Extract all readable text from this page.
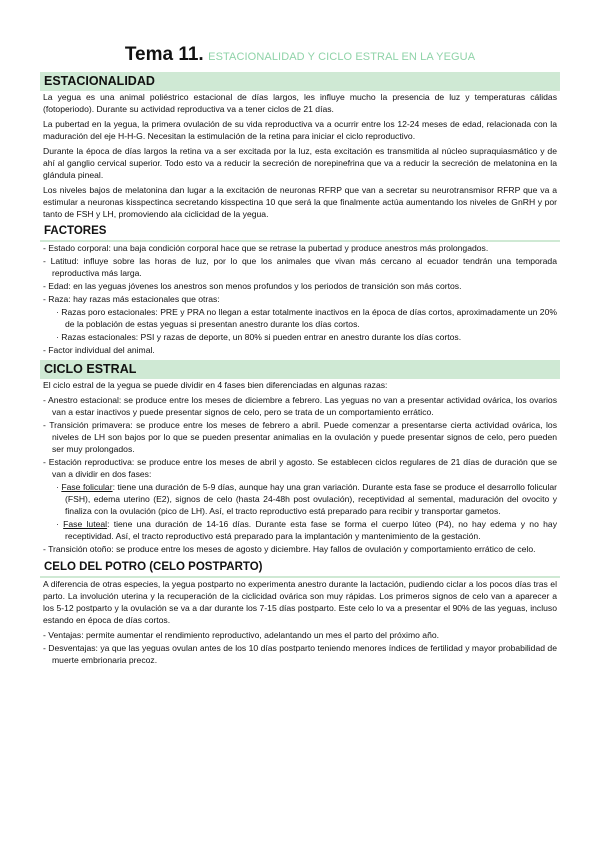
Tema 11. ESTACIONALIDAD Y CICLO ESTRAL EN LA YEGUA
ESTACIONALIDAD

La yegua es una animal poliéstrico estacional de días largos, les influye mucho la presencia de luz y temperaturas cálidas (fotoperiodo). Durante su actividad reproductiva va a tener ciclos de 21 días.

La pubertad en la yegua, la primera ovulación de su vida reproductiva va a ocurrir entre los 12-24 meses de edad, relacionada con la maduración del eje H-H-G. Necesitan la estimulación de la retina para iniciar el ciclo reproductivo.

Durante la época de días largos la retina va a ser excitada por la luz, esta excitación es transmitida al núcleo supraquiasmático y de ahí al ganglio cervical superior. Todo esto va a reducir la secreción de norepinefrina que va a reducir la secreción de melatonina en la glándula pineal.

Los niveles bajos de melatonina dan lugar a la excitación de neuronas RFRP que van a secretar su neurotransmisor RFRP que va a estimular a neuronas kisspectinca secretando kisspectina 10 que será la que finalmente actúa aumentando los niveles de GnRH y por tanto de FSH y LH, promoviendo ala ciclicidad de la yegua.

FACTORES
- Estado corporal: una baja condición corporal hace que se retrase la pubertad y produce anestros más prolongados.
- Latitud: influye sobre las horas de luz, por lo que los animales que vivan más cercano al ecuador tendrán una temporada reproductiva más larga.
- Edad: en las yeguas jóvenes los anestros son menos profundos y los periodos de transición son más cortos.
- Raza: hay razas más estacionales que otras:
· Razas poro estacionales: PRE y PRA no llegan a estar totalmente inactivos en la época de días cortos, aproximadamente un 20% de la población de estas yeguas si presentan anestro durante los días cortos.
· Razas estacionales: PSI y razas de deporte, un 80% si pueden entrar en anestro durante los días cortos.
- Factor individual del animal.
CICLO ESTRAL

El ciclo estral de la yegua se puede dividir en 4 fases bien diferenciadas en algunas razas:

- Anestro estacional: se produce entre los meses de diciembre a febrero. Las yeguas no van a presentar actividad ovárica, los ovarios van a estar inactivos y puede presentar signos de celo, pero se trata de un comportamiento errático.
- Transición primavera: se produce entre los meses de febrero a abril. Puede comenzar a presentarse cierta actividad ovárica, los niveles de LH son bajos por lo que se pueden presentar animalias en la ovulación y puede presentar signos de celo, pero pueden ser muy prolongados.
- Estación reproductiva: se produce entre los meses de abril y agosto. Se establecen ciclos regulares de 21 días de duración que se van a dividir en dos fases:
· Fase folicular: tiene una duración de 5-9 días, aunque hay una gran variación. Durante esta fase se produce el desarrollo folicular (FSH), edema uterino (E2), signos de celo (hasta 24-48h post ovulación), receptividad al semental, maduración del ovocito y finaliza con la ovulación (pico de LH). Así, el tracto reproductivo está preparado para recibir y transportar gametos.
· Fase luteal: tiene una duración de 14-16 días. Durante esta fase se forma el cuerpo lúteo (P4), no hay edema y no hay receptividad. Así, el tracto reproductivo está preparado para la implantación y mantenimiento de la gestación.
- Transición otoño: se produce entre los meses de agosto y diciembre. Hay fallos de ovulación y comportamiento errático de celo.
CELO DEL POTRO (CELO POSTPARTO)

A diferencia de otras especies, la yegua postparto no experimenta anestro durante la lactación, pudiendo ciclar a los pocos días tras el parto. La involución uterina y la recuperación de la ciclicidad ovárica son muy rápidas. Los primeros signos de celo van a aparecer a los 5-12 postparto y la ovulación se va a dar durante los 7-15 días postparto. Este celo lo va a presentar el 90% de las yeguas, incluso estando en época de días cortos.

- Ventajas: permite aumentar el rendimiento reproductivo, adelantando un mes el parto del próximo año.
- Desventajas: ya que las yeguas ovulan antes de los 10 días postparto teniendo menores índices de fertilidad y mayor probabilidad de muerte embrionaria precoz.
